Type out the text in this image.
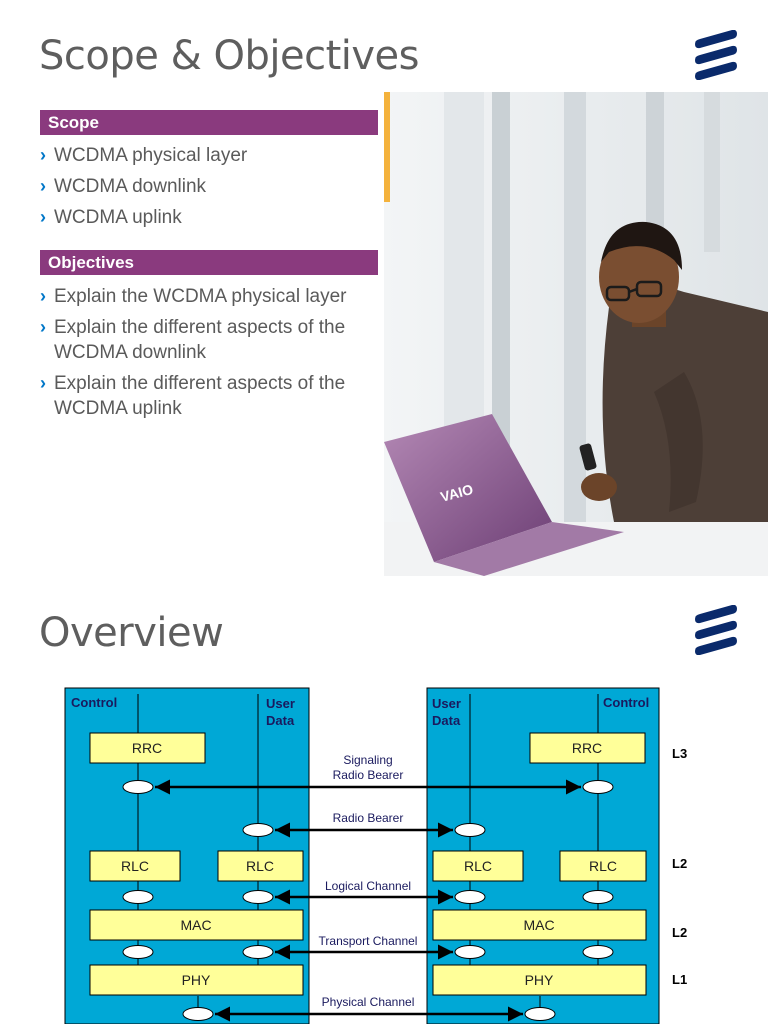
Scope & Objectives
Scope
› WCDMA physical layer
› WCDMA downlink
› WCDMA uplink
Objectives
› Explain the WCDMA physical layer
› Explain the different aspects of the WCDMA downlink
› Explain the different aspects of the WCDMA uplink
VAIO
Overview
Control	User
Data
User
Data
Control
RRC	RRC
Signaling
Radio Bearer
Radio Bearer
RLC	RLC	RLC	RLC
Logical Channel
MAC	MAC
Transport Channel
PHY	PHY
Physical Channel
L3
L2
L2
L1
